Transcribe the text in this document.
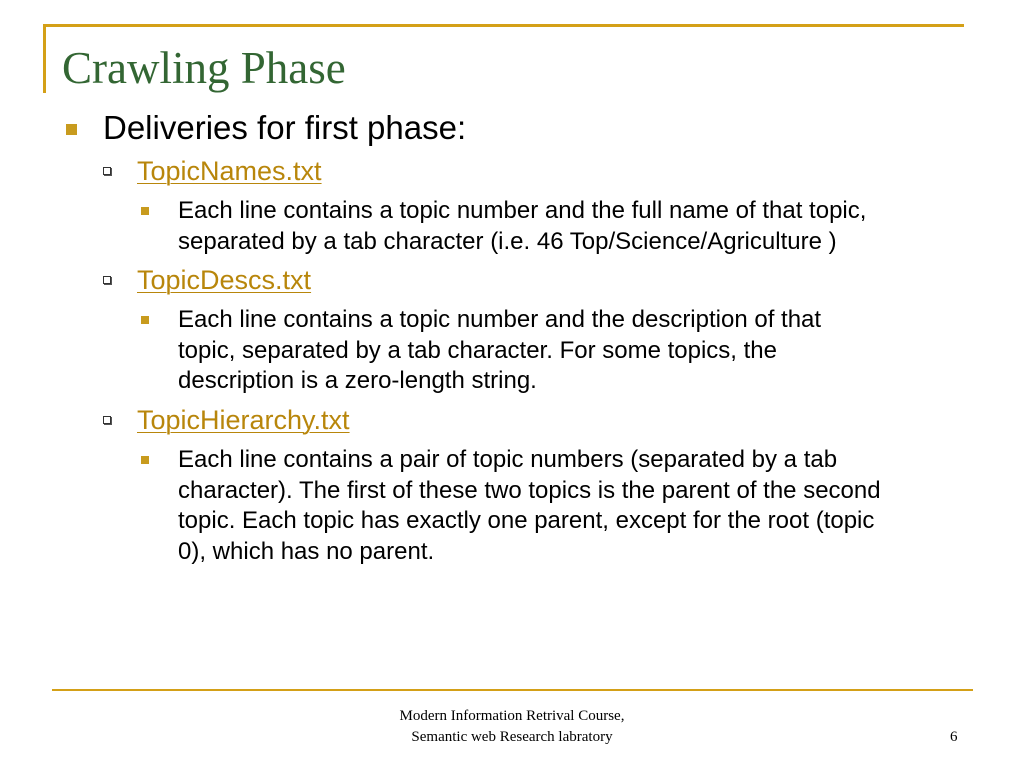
Crawling Phase
Deliveries for first phase:
TopicNames.txt
Each line contains a topic number and the full name of that topic,
separated by a tab character (i.e. 46 Top/Science/Agriculture )
TopicDescs.txt
Each line contains a topic number and the description of that
topic, separated by a tab character. For some topics, the
description is a zero-length string.
TopicHierarchy.txt
Each line contains a pair of topic numbers (separated by a tab
character). The first of these two topics is the parent of the second
topic. Each topic has exactly one parent, except for the root (topic
0), which has no parent.
Modern Information Retrival Course,
Semantic web Research labratory	6
